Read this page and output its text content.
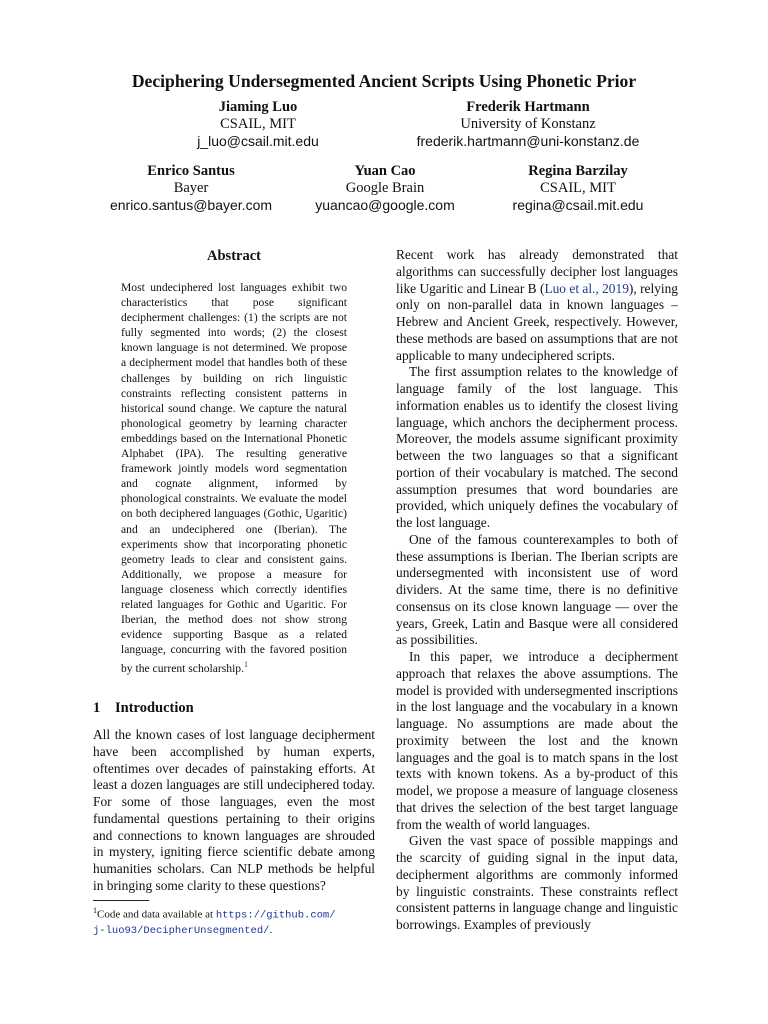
Deciphering Undersegmented Ancient Scripts Using Phonetic Prior
Jiaming Luo
CSAIL, MIT
j_luo@csail.mit.edu
Frederik Hartmann
University of Konstanz
frederik.hartmann@uni-konstanz.de
Enrico Santus
Bayer
enrico.santus@bayer.com
Yuan Cao
Google Brain
yuancao@google.com
Regina Barzilay
CSAIL, MIT
regina@csail.mit.edu
Abstract
Most undeciphered lost languages exhibit two characteristics that pose significant decipherment challenges: (1) the scripts are not fully segmented into words; (2) the closest known language is not determined. We propose a decipherment model that handles both of these challenges by building on rich linguistic constraints reflecting consistent patterns in historical sound change. We capture the natural phonological geometry by learning character embeddings based on the International Phonetic Alphabet (IPA). The resulting generative framework jointly models word segmentation and cognate alignment, informed by phonological constraints. We evaluate the model on both deciphered languages (Gothic, Ugaritic) and an undeciphered one (Iberian). The experiments show that incorporating phonetic geometry leads to clear and consistent gains. Additionally, we propose a measure for language closeness which correctly identifies related languages for Gothic and Ugaritic. For Iberian, the method does not show strong evidence supporting Basque as a related language, concurring with the favored position by the current scholarship.$^1$
1 Introduction

All the known cases of lost language decipherment have been accomplished by human experts, oftentimes over decades of painstaking efforts. At least a dozen languages are still undeciphered today. For some of those languages, even the most fundamental questions pertaining to their origins and connections to known languages are shrouded in mystery, igniting fierce scientific debate among humanities scholars. Can NLP methods be helpful in bringing some clarity to these questions?

Recent work has already demonstrated that algorithms can successfully decipher lost languages like Ugaritic and Linear B (Luo et al., 2019), relying only on non-parallel data in known languages – Hebrew and Ancient Greek, respectively. However, these methods are based on assumptions that are not applicable to many undeciphered scripts.

The first assumption relates to the knowledge of language family of the lost language. This information enables us to identify the closest living language, which anchors the decipherment process. Moreover, the models assume significant proximity between the two languages so that a significant portion of their vocabulary is matched. The second assumption presumes that word boundaries are provided, which uniquely defines the vocabulary of the lost language.

One of the famous counterexamples to both of these assumptions is Iberian. The Iberian scripts are undersegmented with inconsistent use of word dividers. At the same time, there is no definitive consensus on its close known language — over the years, Greek, Latin and Basque were all considered as possibilities.

In this paper, we introduce a decipherment approach that relaxes the above assumptions. The model is provided with undersegmented inscriptions in the lost language and the vocabulary in a known language. No assumptions are made about the proximity between the lost and the known languages and the goal is to match spans in the lost texts with known tokens. As a by-product of this model, we propose a measure of language closeness that drives the selection of the best target language from the wealth of world languages.

Given the vast space of possible mappings and the scarcity of guiding signal in the input data, decipherment algorithms are commonly informed by linguistic constraints. These constraints reflect consistent patterns in language change and linguistic borrowings. Examples of previously

$^1$Code and data available at https://github.com/
j-luo93/DecipherUnsegmented/.
